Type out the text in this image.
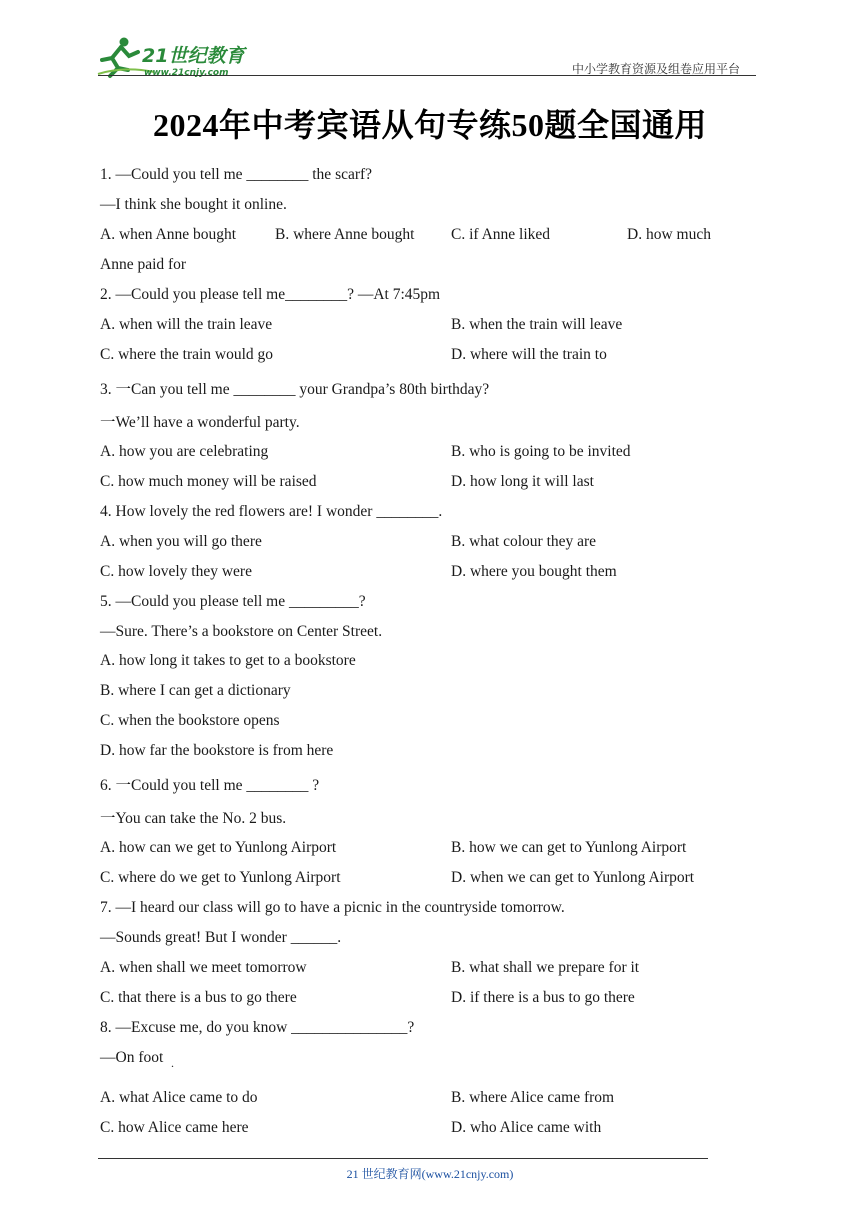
21世纪教育
www.21cnjy.com	中小学教育资源及组卷应用平台
2024年中考宾语从句专练50题全国通用
1. —Could you tell me ________ the scarf?
—I think she bought it online.
A. when Anne bought	B. where Anne bought C. if Anne liked	D. how much
Anne paid for
2. —Could you please tell me________? —At 7:45pm
A. when will the train leave	B. when the train will leave
C. where the train would go	D. where will the train to
3. 一Can you tell me ________ your Grandpa’s 80th birthday?
一We’ll have a wonderful party.
A. how you are celebrating	B. who is going to be invited
C. how much money will be raised	D. how long it will last
4. How lovely the red flowers are! I wonder ________.
A. when you will go there	B. what colour they are
C. how lovely they were	D. where you bought them
5. —Could you please tell me _________?
—Sure. There’s a bookstore on Center Street.
A. how long it takes to get to a bookstore
B. where I can get a dictionary
C. when the bookstore opens
D. how far the bookstore is from here
6. 一Could you tell me ________ ?
一You can take the No. 2 bus.
A. how can we get to Yunlong Airport	B. how we can get to Yunlong Airport
C. where do we get to Yunlong Airport	D. when we can get to Yunlong Airport
7. —I heard our class will go to have a picnic in the countryside tomorrow.
—Sounds great! But I wonder ______.
A. when shall we meet tomorrow	B. what shall we prepare for it
C. that there is a bus to go there	D. if there is a bus to go there
8. —Excuse me, do you know _______________?
—On foot .
A. what Alice came to do	B. where Alice came from
C. how Alice came here	D. who Alice came with
21 世纪教育网(www.21cnjy.com)
